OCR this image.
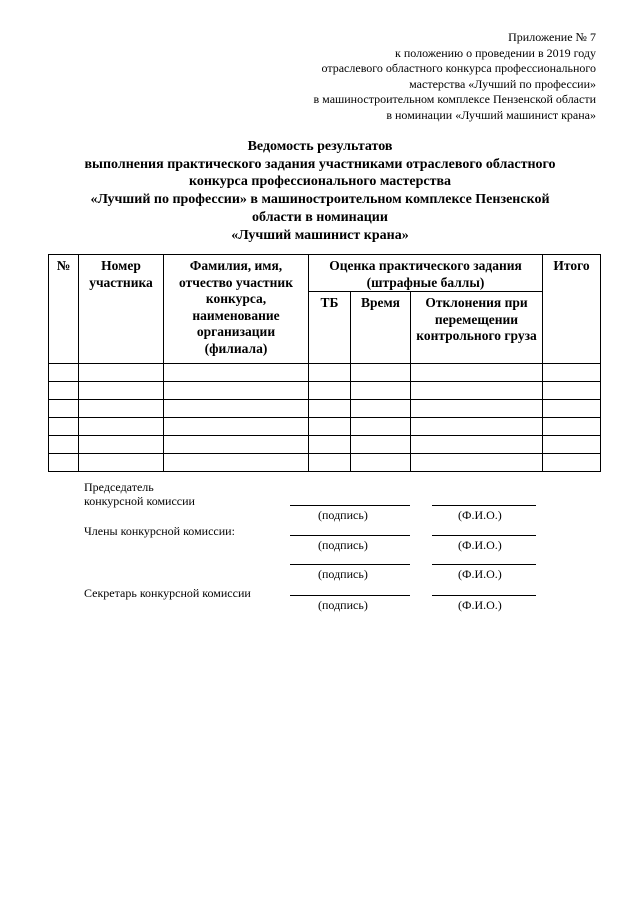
Приложение № 7
к положению о проведении в 2019 году
отраслевого областного конкурса профессионального
мастерства «Лучший по профессии»
в машиностроительном комплексе Пензенской области
в номинации «Лучший машинист крана»
Ведомость результатов
выполнения практического задания участниками отраслевого областного
конкурса профессионального мастерства
«Лучший по профессии» в машиностроительном комплексе Пензенской
области в номинации
«Лучший машинист крана»
№	Номер участника	Фамилия, имя, отчество участник конкурса, наименование организации (филиала)	Оценка практического задания (штрафные баллы)			Итого
			ТБ	Время	Отклонения при перемещении контрольного груза	

Председатель
конкурсной комиссии
(подпись)	(Ф.И.О.)
Члены конкурсной комиссии:
(подпись)	(Ф.И.О.)
(подпись)	(Ф.И.О.)
Секретарь конкурсной комиссии
(подпись)	(Ф.И.О.)
